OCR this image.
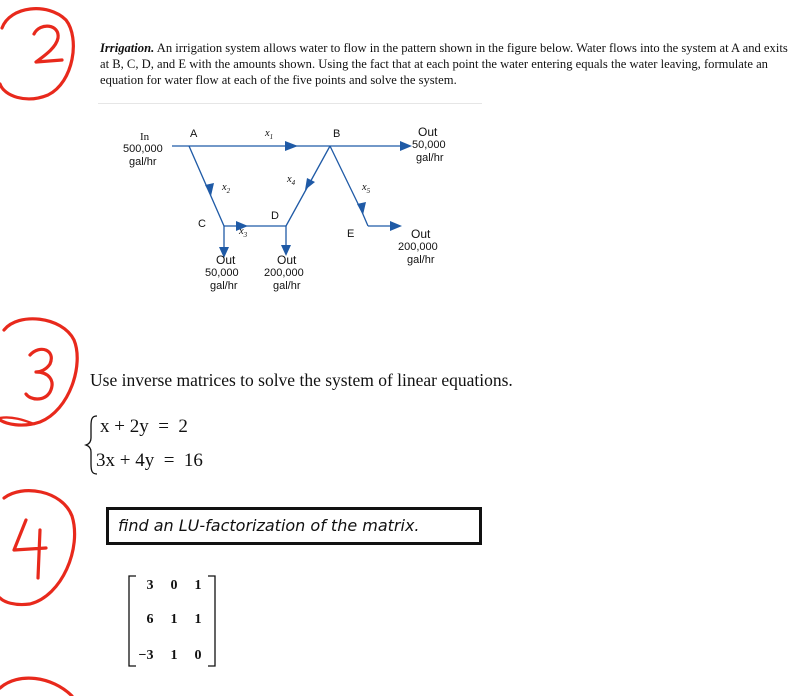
Irrigation. An irrigation system allows water to flow in the pattern shown in the figure below. Water flows into the system at A and exits at B, C, D, and E with the amounts shown. Using the fact that at each point the water entering equals the water leaving, formulate an equation for water flow at each of the five points and solve the system.

In
500,000
gal/hr
A	B
C
D
E
$x_1$
$x_2$
$x_3$
$x_4$	$x_5$
Out
50,000
gal/hr
Out
200,000
gal/hr
Out
50,000
gal/hr
Out
200,000
gal/hr

Use inverse matrices to solve the system of linear equations.

x + 2y  =  2
3x + 4y  =  16
find an LU-factorization of the matrix.
3	0	1
6	1	1
−3	1	0
